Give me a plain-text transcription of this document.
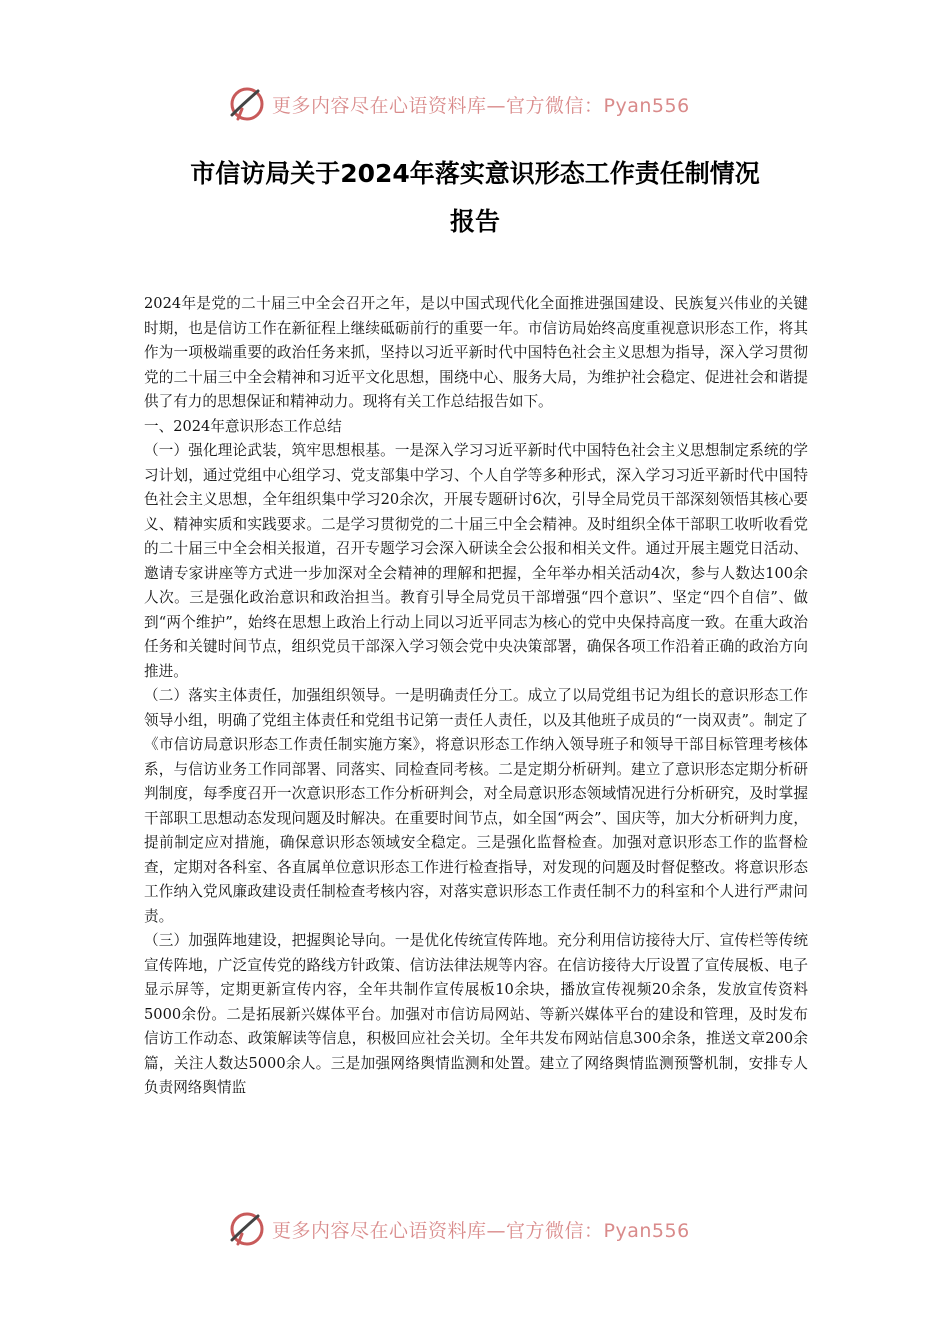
更多内容尽在心语资料库—官方微信：Pyan556
市信访局关于2024年落实意识形态工作责任制情况
报告

2024年是党的二十届三中全会召开之年，是以中国式现代化全面推进强国建设、民族复兴伟业的关键时期，也是信访工作在新征程上继续砥砺前行的重要一年。市信访局始终高度重视意识形态工作，将其作为一项极端重要的政治任务来抓，坚持以习近平新时代中国特色社会主义思想为指导，深入学习贯彻党的二十届三中全会精神和习近平文化思想，围绕中心、服务大局，为维护社会稳定、促进社会和谐提供了有力的思想保证和精神动力。现将有关工作总结报告如下。

一、2024年意识形态工作总结

（一）强化理论武装，筑牢思想根基。一是深入学习习近平新时代中国特色社会主义思想制定系统的学习计划，通过党组中心组学习、党支部集中学习、个人自学等多种形式，深入学习习近平新时代中国特色社会主义思想，全年组织集中学习20余次，开展专题研讨6次，引导全局党员干部深刻领悟其核心要义、精神实质和实践要求。二是学习贯彻党的二十届三中全会精神。及时组织全体干部职工收听收看党的二十届三中全会相关报道，召开专题学习会深入研读全会公报和相关文件。通过开展主题党日活动、邀请专家讲座等方式进一步加深对全会精神的理解和把握，全年举办相关活动4次，参与人数达100余人次。三是强化政治意识和政治担当。教育引导全局党员干部增强“四个意识”、坚定“四个自信”、做到“两个维护”，始终在思想上政治上行动上同以习近平同志为核心的党中央保持高度一致。在重大政治任务和关键时间节点，组织党员干部深入学习领会党中央决策部署，确保各项工作沿着正确的政治方向推进。

（二）落实主体责任，加强组织领导。一是明确责任分工。成立了以局党组书记为组长的意识形态工作领导小组，明确了党组主体责任和党组书记第一责任人责任，以及其他班子成员的“一岗双责”。制定了《市信访局意识形态工作责任制实施方案》，将意识形态工作纳入领导班子和领导干部目标管理考核体系，与信访业务工作同部署、同落实、同检查同考核。二是定期分析研判。建立了意识形态定期分析研判制度，每季度召开一次意识形态工作分析研判会，对全局意识形态领域情况进行分析研究，及时掌握干部职工思想动态发现问题及时解决。在重要时间节点，如全国“两会”、国庆等，加大分析研判力度，提前制定应对措施，确保意识形态领域安全稳定。三是强化监督检查。加强对意识形态工作的监督检查，定期对各科室、各直属单位意识形态工作进行检查指导，对发现的问题及时督促整改。将意识形态工作纳入党风廉政建设责任制检查考核内容，对落实意识形态工作责任制不力的科室和个人进行严肃问责。

（三）加强阵地建设，把握舆论导向。一是优化传统宣传阵地。充分利用信访接待大厅、宣传栏等传统宣传阵地，广泛宣传党的路线方针政策、信访法律法规等内容。在信访接待大厅设置了宣传展板、电子显示屏等，定期更新宣传内容，全年共制作宣传展板10余块，播放宣传视频20余条，发放宣传资料5000余份。二是拓展新兴媒体平台。加强对市信访局网站、等新兴媒体平台的建设和管理，及时发布信访工作动态、政策解读等信息，积极回应社会关切。全年共发布网站信息300余条，推送文章200余篇，关注人数达5000余人。三是加强网络舆情监测和处置。建立了网络舆情监测预警机制，安排专人负责网络舆情监

更多内容尽在心语资料库—官方微信：Pyan556
